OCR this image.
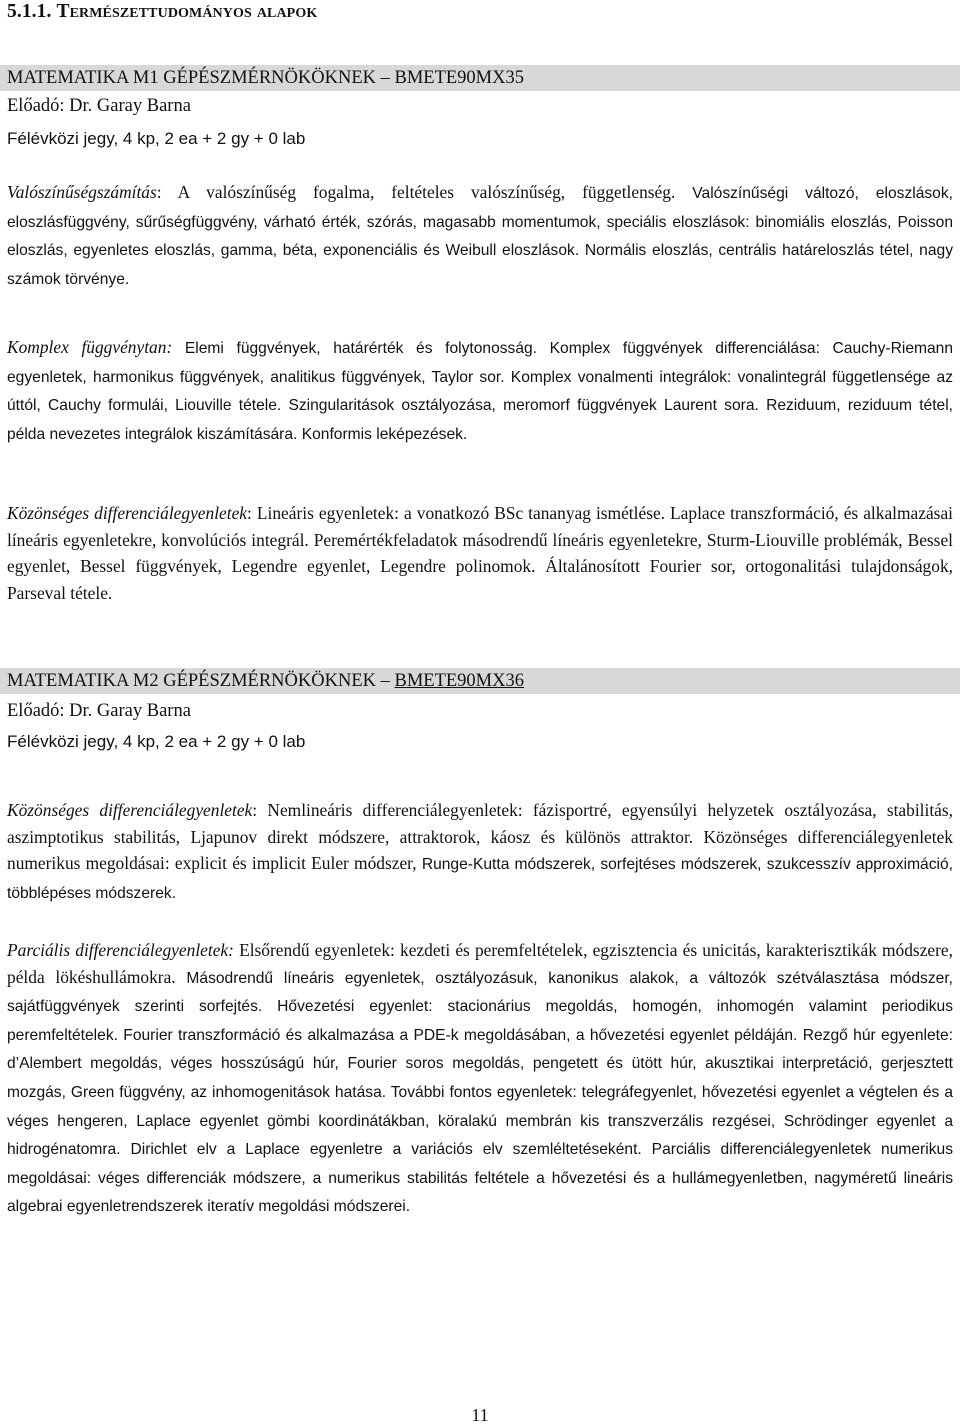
5.1.1. Természettudományos alapok
MATEMATIKA M1 GÉPÉSZMÉRNÖKÖKNEK – BMETE90MX35
Előadó: Dr. Garay Barna
Félévközi jegy, 4 kp, 2 ea + 2 gy + 0 lab

Valószínűségszámítás: A valószínűség fogalma, feltételes valószínűség, függetlenség. Valószínűségi változó, eloszlások, eloszlásfüggvény, sűrűségfüggvény, várható érték, szórás, magasabb momentumok, speciális eloszlások: binomiális eloszlás, Poisson eloszlás, egyenletes eloszlás, gamma, béta, exponenciális és Weibull eloszlások. Normális eloszlás, centrális határeloszlás tétel, nagy számok törvénye.

Komplex függvénytan: Elemi függvények, határérték és folytonosság. Komplex függvények differenciálása: Cauchy-Riemann egyenletek, harmonikus függvények, analitikus függvények, Taylor sor. Komplex vonalmenti integrálok: vonalintegrál függetlensége az úttól, Cauchy formulái, Liouville tétele. Szingularitások osztályozása, meromorf függvények Laurent sora. Reziduum, reziduum tétel, példa nevezetes integrálok kiszámítására. Konformis leképezések.

Közönséges differenciálegyenletek: Lineáris egyenletek: a vonatkozó BSc tananyag ismétlése. Laplace transzformáció, és alkalmazásai líneáris egyenletekre, konvolúciós integrál. Peremértékfeladatok másodrendű líneáris egyenletekre, Sturm-Liouville problémák, Bessel egyenlet, Bessel függvények, Legendre egyenlet, Legendre polinomok. Általánosított Fourier sor, ortogonalitási tulajdonságok, Parseval tétele.

MATEMATIKA M2 GÉPÉSZMÉRNÖKÖKNEK – BMETE90MX36
Előadó: Dr. Garay Barna
Félévközi jegy, 4 kp, 2 ea + 2 gy + 0 lab

Közönséges differenciálegyenletek: Nemlineáris differenciálegyenletek: fázisportré, egyensúlyi helyzetek osztályozása, stabilitás, aszimptotikus stabilitás, Ljapunov direkt módszere, attraktorok, káosz és különös attraktor. Közönséges differenciálegyenletek numerikus megoldásai: explicit és implicit Euler módszer, Runge-Kutta módszerek, sorfejtéses módszerek, szukcesszív approximáció, többlépéses módszerek.

Parciális differenciálegyenletek: Elsőrendű egyenletek: kezdeti és peremfeltételek, egzisztencia és unicitás, karakterisztikák módszere, példa lökéshullámokra. Másodrendű líneáris egyenletek, osztályozásuk, kanonikus alakok, a változók szétválasztása módszer, sajátfüggvények szerinti sorfejtés. Hővezetési egyenlet: stacionárius megoldás, homogén, inhomogén valamint periodikus peremfeltételek. Fourier transzformáció és alkalmazása a PDE-k megoldásában, a hővezetési egyenlet példáján. Rezgő húr egyenlete: d’Alembert megoldás, véges hosszúságú húr, Fourier soros megoldás, pengetett és ütött húr, akusztikai interpretáció, gerjesztett mozgás, Green függvény, az inhomogenitások hatása. További fontos egyenletek: telegráfegyenlet, hővezetési egyenlet a végtelen és a véges hengeren, Laplace egyenlet gömbi koordinátákban, köralakú membrán kis transzverzális rezgései, Schrödinger egyenlet a hidrogénatomra. Dirichlet elv a Laplace egyenletre a variációs elv szemléltetéseként. Parciális differenciálegyenletek numerikus megoldásai: véges differenciák módszere, a numerikus stabilitás feltétele a hővezetési és a hullámegyenletben, nagyméretű lineáris algebrai egyenletrendszerek iteratív megoldási módszerei.

11
